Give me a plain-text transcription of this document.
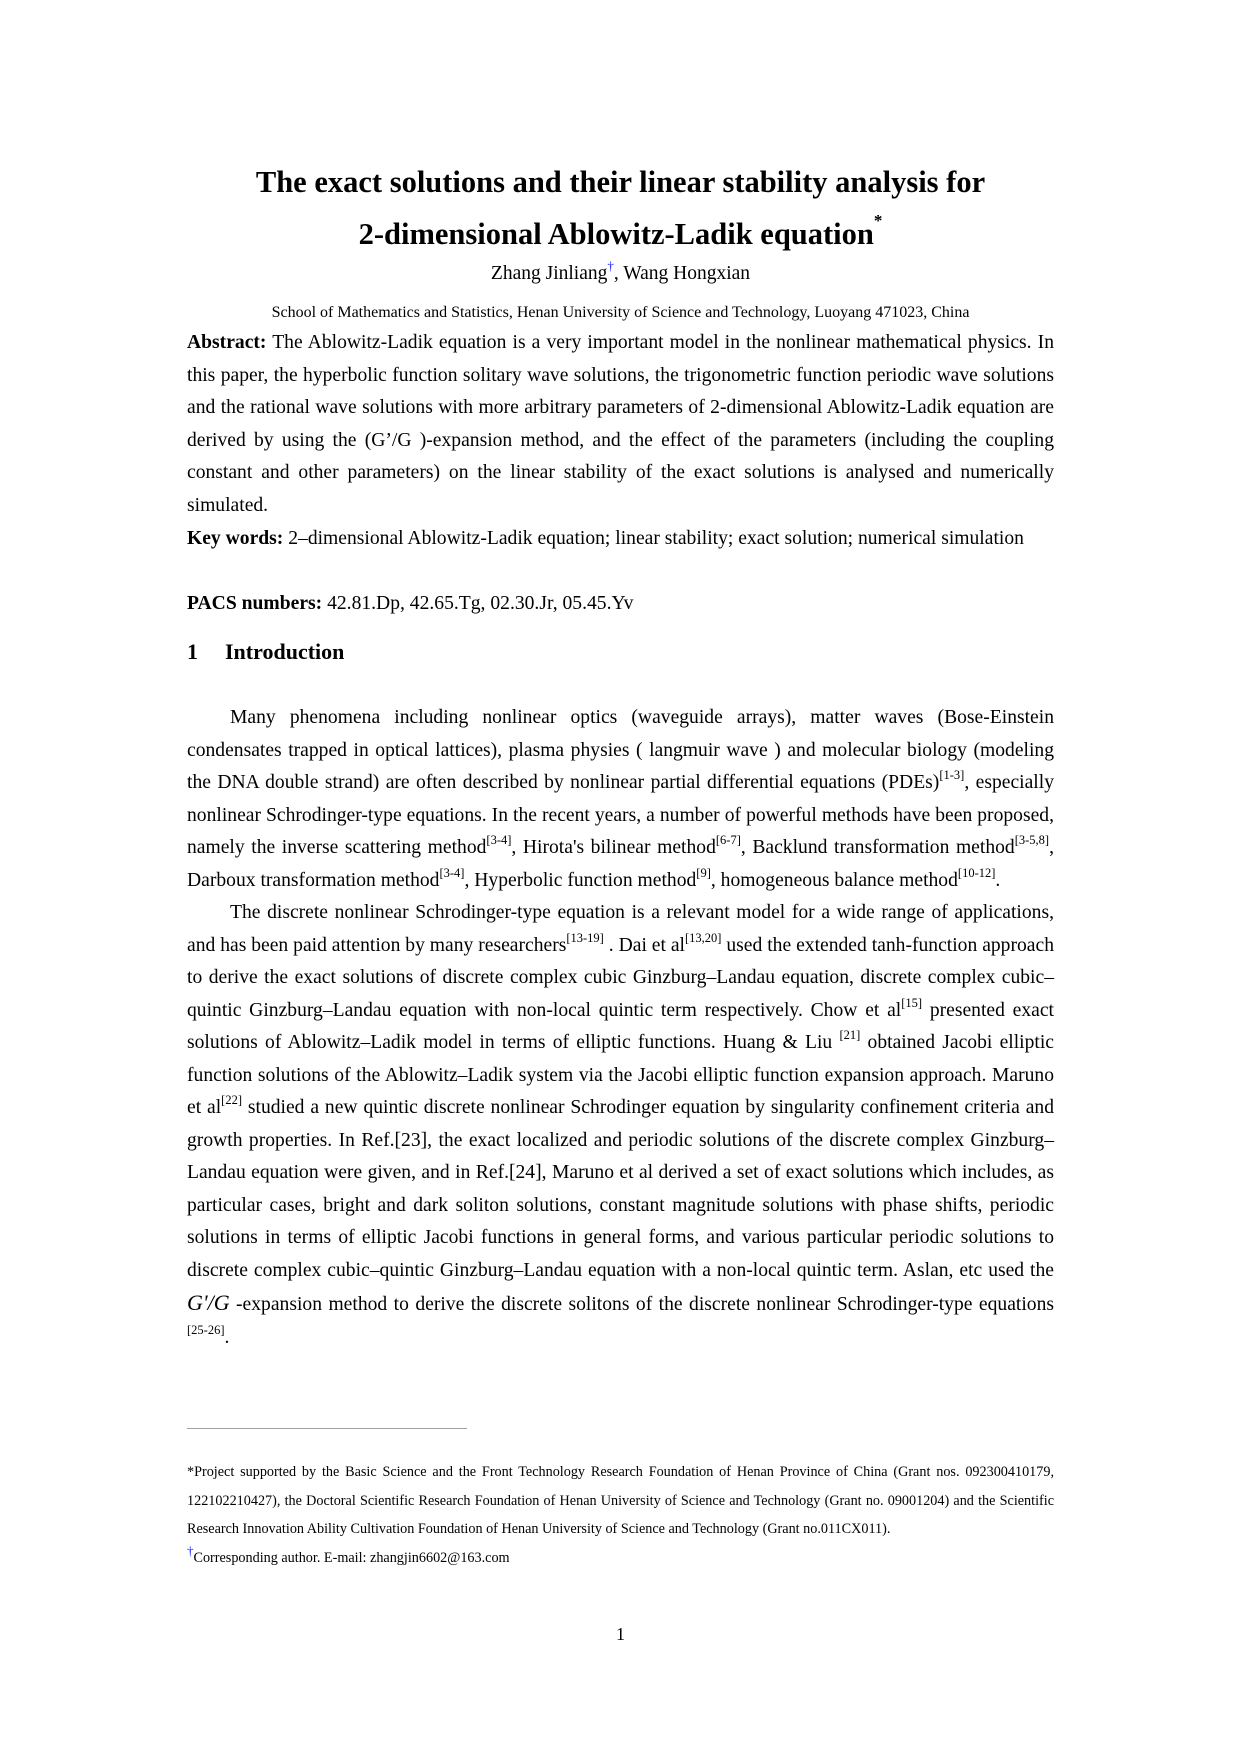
The exact solutions and their linear stability analysis for
2-dimensional Ablowitz-Ladik equation*
Zhang Jinliang†, Wang Hongxian
School of Mathematics and Statistics, Henan University of Science and Technology, Luoyang 471023, China

Abstract: The Ablowitz-Ladik equation is a very important model in the nonlinear mathematical physics. In this paper, the hyperbolic function solitary wave solutions, the trigonometric function periodic wave solutions and the rational wave solutions with more arbitrary parameters of 2-dimensional Ablowitz-Ladik equation are derived by using the (G’/G )-expansion method, and the effect of the parameters (including the coupling constant and other parameters) on the linear stability of the exact solutions is analysed and numerically simulated.

Key words: 2–dimensional Ablowitz-Ladik equation; linear stability; exact solution; numerical simulation

PACS numbers: 42.81.Dp, 42.65.Tg, 02.30.Jr, 05.45.Yv

1 Introduction

Many phenomena including nonlinear optics (waveguide arrays), matter waves (Bose-Einstein condensates trapped in optical lattices), plasma physies ( langmuir wave ) and molecular biology (modeling the DNA double strand) are often described by nonlinear partial differential equations (PDEs)[1-3], especially nonlinear Schrodinger-type equations. In the recent years, a number of powerful methods have been proposed, namely the inverse scattering method[3-4], Hirota's bilinear method[6-7], Backlund transformation method[3-5,8], Darboux transformation method[3-4], Hyperbolic function method[9], homogeneous balance method[10-12].

The discrete nonlinear Schrodinger-type equation is a relevant model for a wide range of applications, and has been paid attention by many researchers[13-19] . Dai et al[13,20] used the extended tanh-function approach to derive the exact solutions of discrete complex cubic Ginzburg–Landau equation, discrete complex cubic–quintic Ginzburg–Landau equation with non-local quintic term respectively. Chow et al[15] presented exact solutions of Ablowitz–Ladik model in terms of elliptic functions. Huang & Liu [21] obtained Jacobi elliptic function solutions of the Ablowitz–Ladik system via the Jacobi elliptic function expansion approach. Maruno et al[22] studied a new quintic discrete nonlinear Schrodinger equation by singularity confinement criteria and growth properties. In Ref.[23], the exact localized and periodic solutions of the discrete complex Ginzburg–Landau equation were given, and in Ref.[24], Maruno et al derived a set of exact solutions which includes, as particular cases, bright and dark soliton solutions, constant magnitude solutions with phase shifts, periodic solutions in terms of elliptic Jacobi functions in general forms, and various particular periodic solutions to discrete complex cubic–quintic Ginzburg–Landau equation with a non-local quintic term. Aslan, etc used the G'/G -expansion method to derive the discrete solitons of the discrete nonlinear Schrodinger-type equations [25-26].

*Project supported by the Basic Science and the Front Technology Research Foundation of Henan Province of China (Grant nos. 092300410179, 122102210427), the Doctoral Scientific Research Foundation of Henan University of Science and Technology (Grant no. 09001204) and the Scientific Research Innovation Ability Cultivation Foundation of Henan University of Science and Technology (Grant no.011CX011).

†Corresponding author. E-mail: zhangjin6602@163.com

1
